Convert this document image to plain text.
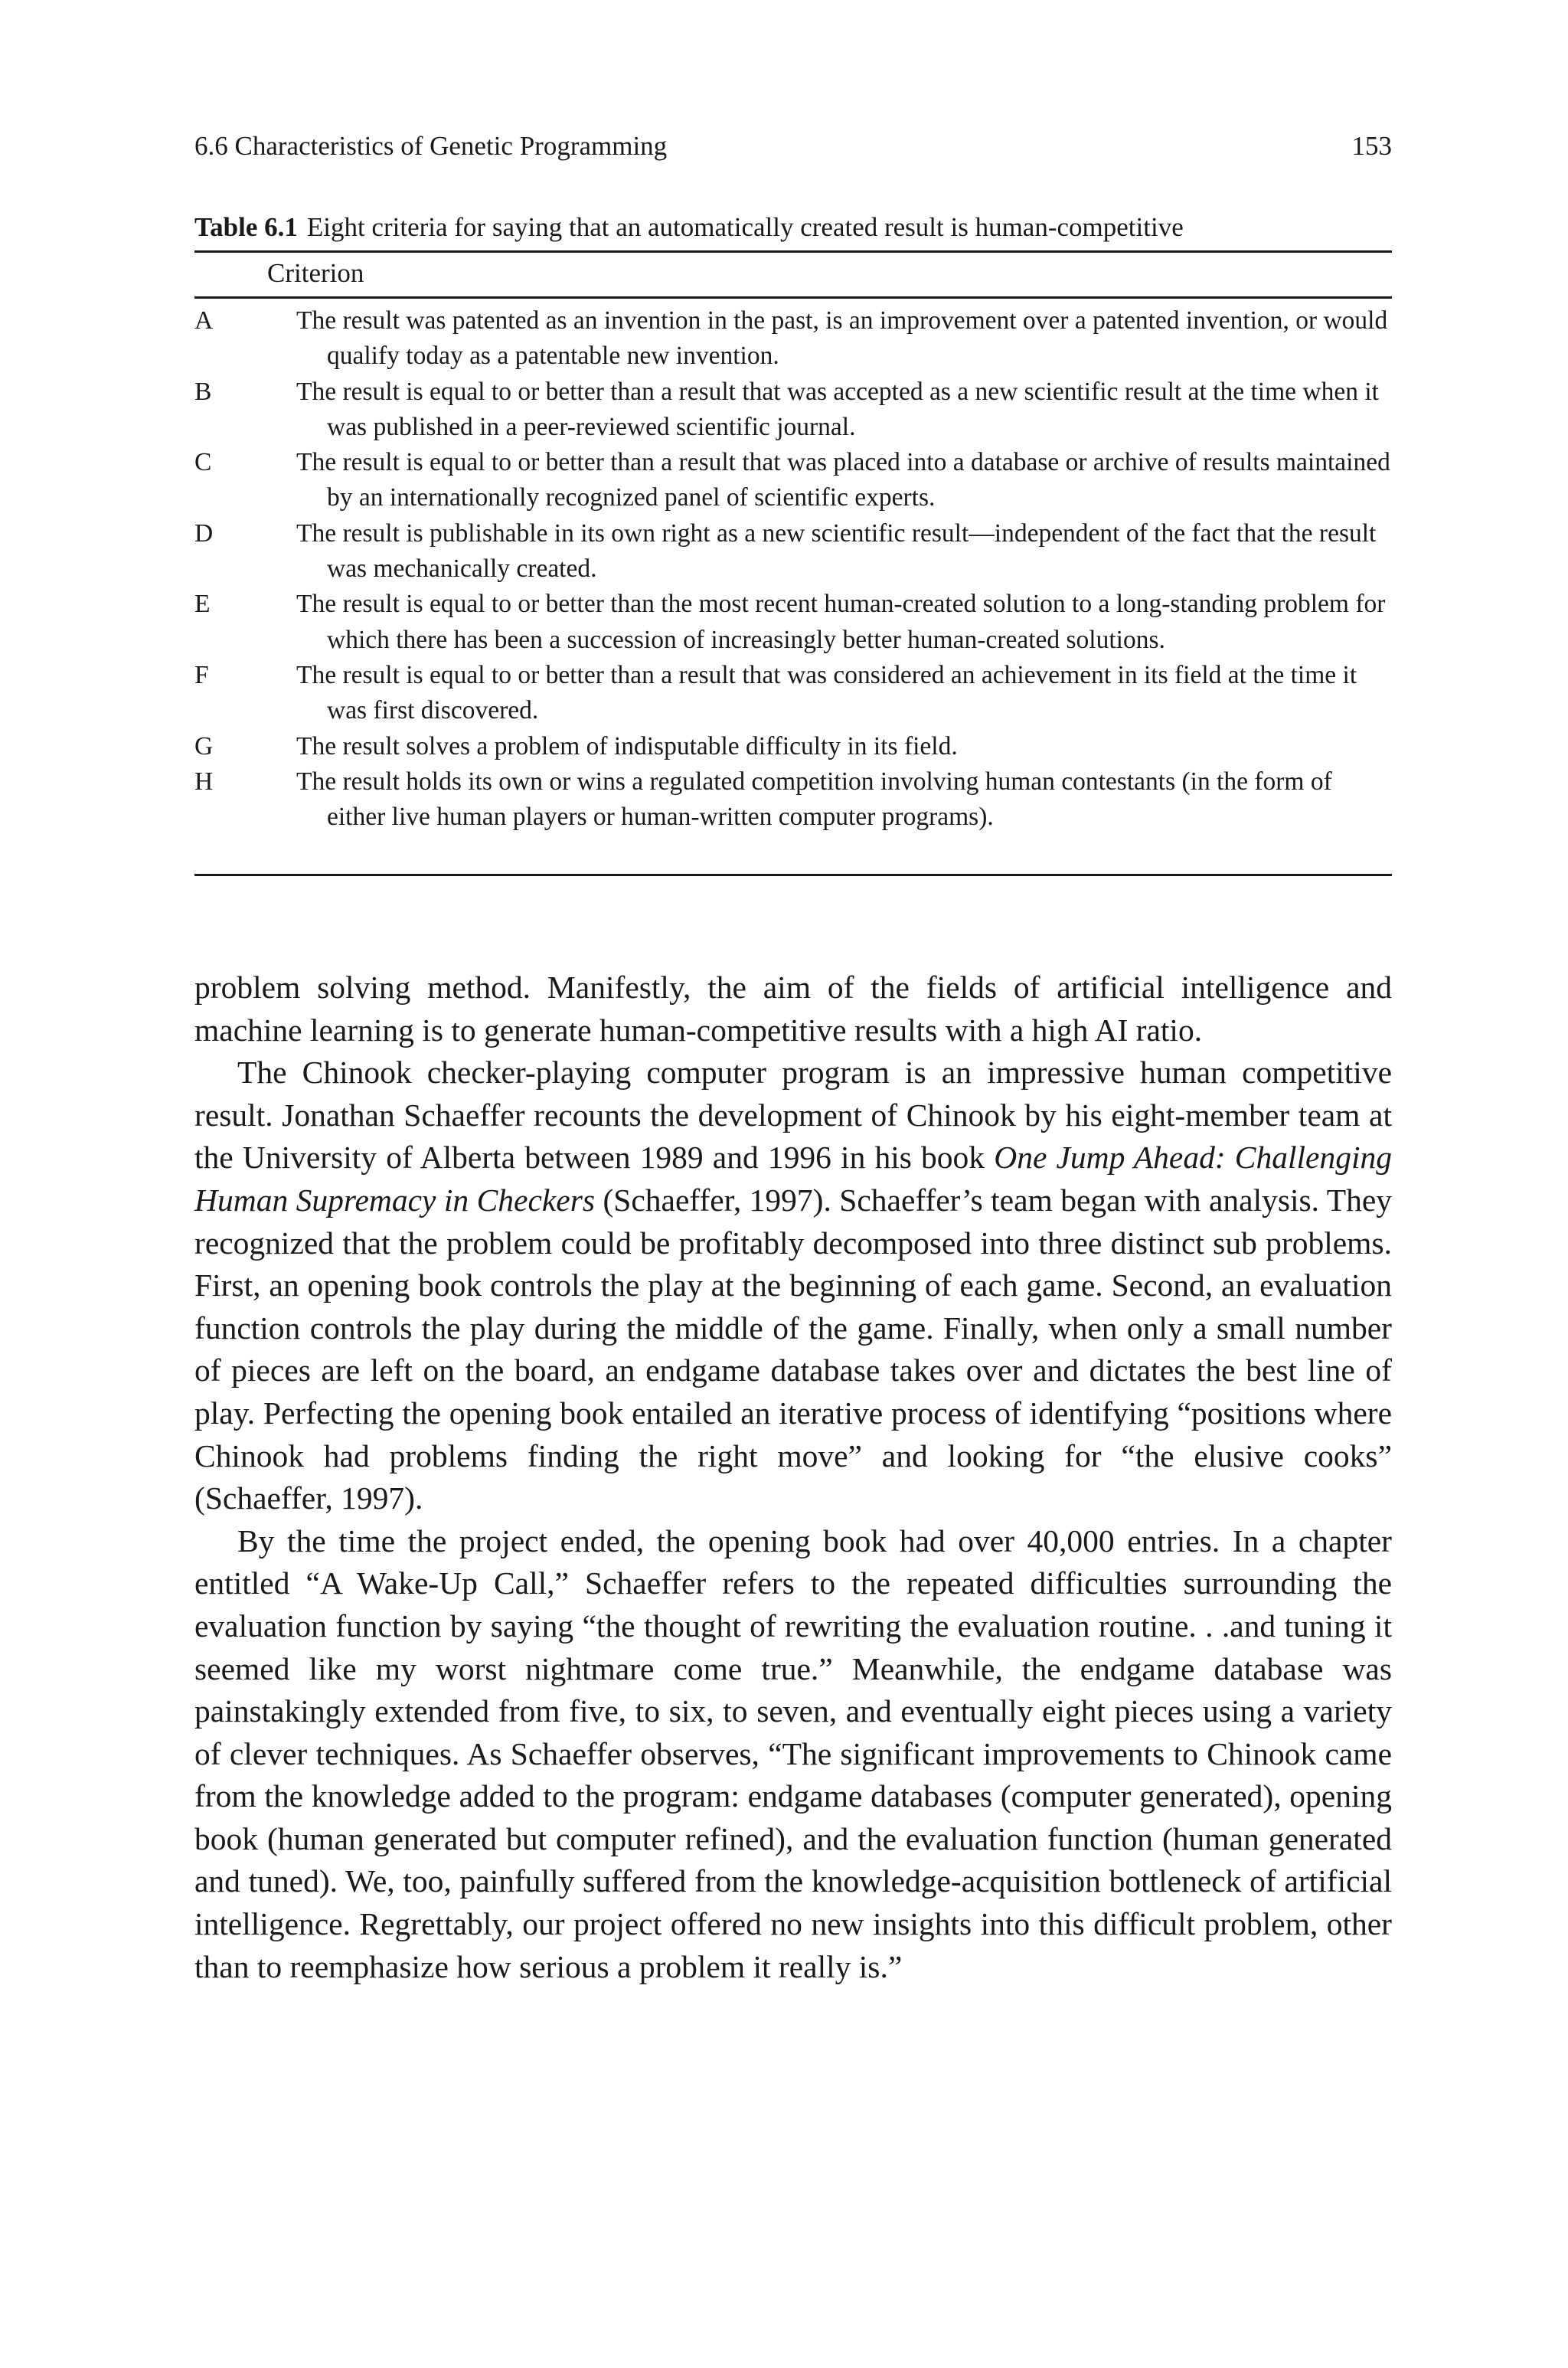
6.6 Characteristics of Genetic Programming	153
Table 6.1 Eight criteria for saying that an automatically created result is human-competitive
Criterion
A	The result was patented as an invention in the past, is an improvement over a patented invention, or would qualify today as a patentable new invention.
B	The result is equal to or better than a result that was accepted as a new scientific result at the time when it was published in a peer-reviewed scientific journal.
C	The result is equal to or better than a result that was placed into a database or archive of results maintained by an internationally recognized panel of scientific experts.
D	The result is publishable in its own right as a new scientific result—independent of the fact that the result was mechanically created.
E	The result is equal to or better than the most recent human-created solution to a long-standing problem for which there has been a succession of increasingly better human-created solutions.
F	The result is equal to or better than a result that was considered an achievement in its field at the time it was first discovered.
G	The result solves a problem of indisputable difficulty in its field.
H	The result holds its own or wins a regulated competition involving human contestants (in the form of either live human players or human-written computer programs).

problem solving method. Manifestly, the aim of the fields of artificial intelligence and machine learning is to generate human-competitive results with a high AI ratio.

The Chinook checker-playing computer program is an impressive human competitive result. Jonathan Schaeffer recounts the development of Chinook by his eight-member team at the University of Alberta between 1989 and 1996 in his book One Jump Ahead: Challenging Human Supremacy in Checkers (Schaeffer, 1997). Schaeffer’s team began with analysis. They recognized that the problem could be profitably decomposed into three distinct sub problems. First, an opening book controls the play at the beginning of each game. Second, an evaluation function controls the play during the middle of the game. Finally, when only a small number of pieces are left on the board, an endgame database takes over and dictates the best line of play. Perfecting the opening book entailed an iterative process of identifying “positions where Chinook had problems finding the right move” and looking for “the elusive cooks” (Schaeffer, 1997).

By the time the project ended, the opening book had over 40,000 entries. In a chapter entitled “A Wake-Up Call,” Schaeffer refers to the repeated difficulties surrounding the evaluation function by saying “the thought of rewriting the evaluation routine. . .and tuning it seemed like my worst nightmare come true.” Meanwhile, the endgame database was painstakingly extended from five, to six, to seven, and eventually eight pieces using a variety of clever techniques. As Schaeffer observes, “The significant improvements to Chinook came from the knowledge added to the program: endgame databases (computer generated), opening book (human generated but computer refined), and the evaluation function (human generated and tuned). We, too, painfully suffered from the knowledge-acquisition bottleneck of artificial intelligence. Regrettably, our project offered no new insights into this difficult problem, other than to reemphasize how serious a problem it really is.”
